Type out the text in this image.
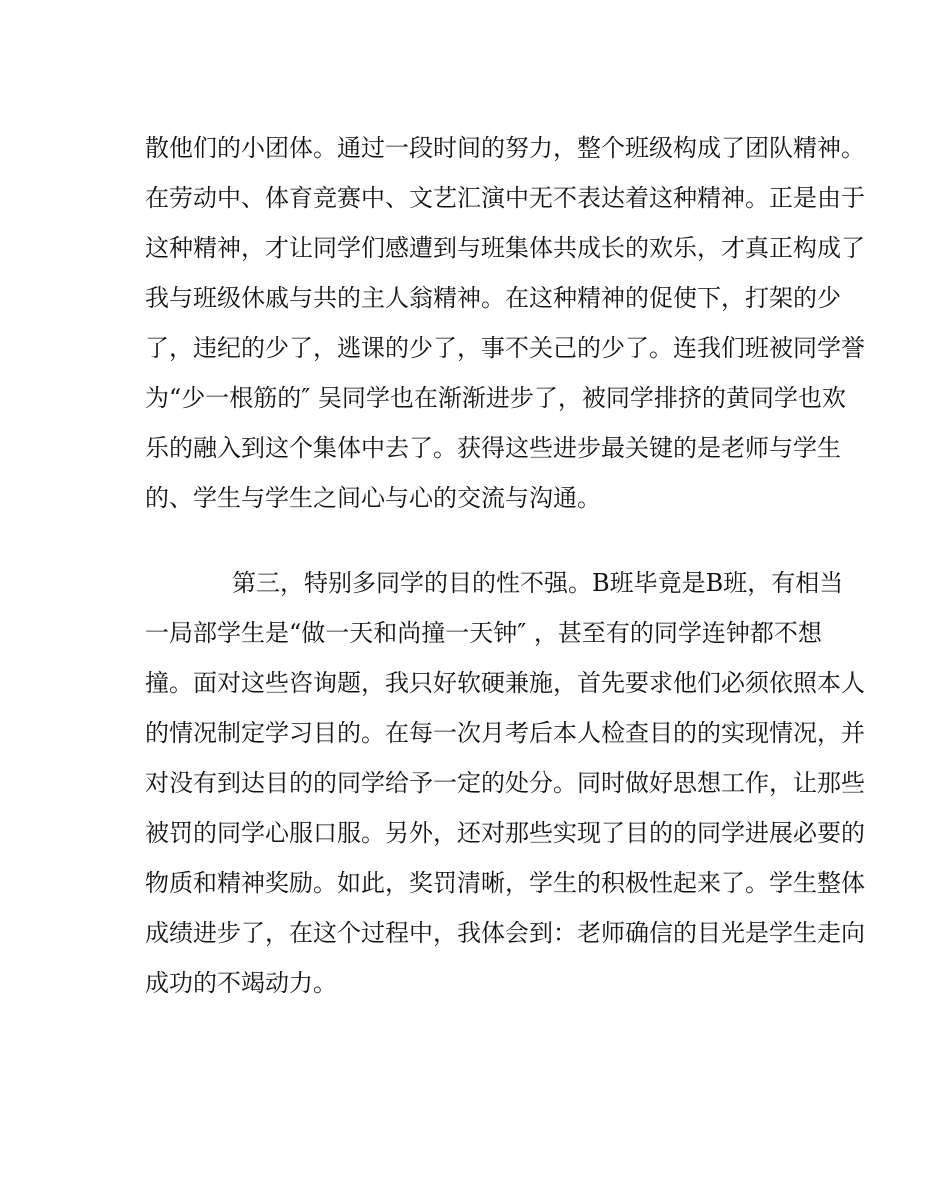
散他们的小团体。通过一段时间的努力，整个班级构成了团队精神。
在劳动中、体育竞赛中、文艺汇演中无不表达着这种精神。正是由于
这种精神，才让同学们感遭到与班集体共成长的欢乐，才真正构成了
我与班级休戚与共的主人翁精神。在这种精神的促使下，打架的少
了，违纪的少了，逃课的少了，事不关己的少了。连我们班被同学誉
为“少一根筋的″ 吴同学也在渐渐进步了，被同学排挤的黄同学也欢
乐的融入到这个集体中去了。获得这些进步最关键的是老师与学生
的、学生与学生之间心与心的交流与沟通。
第三，特别多同学的目的性不强。B班毕竟是B班，有相当
一局部学生是“做一天和尚撞一天钟″ ，甚至有的同学连钟都不想
撞。面对这些咨询题，我只好软硬兼施，首先要求他们必须依照本人
的情况制定学习目的。在每一次月考后本人检查目的的实现情况，并
对没有到达目的的同学给予一定的处分。同时做好思想工作，让那些
被罚的同学心服口服。另外，还对那些实现了目的的同学进展必要的
物质和精神奖励。如此，奖罚清晰，学生的积极性起来了。学生整体
成绩进步了，在这个过程中，我体会到：老师确信的目光是学生走向
成功的不竭动力。
